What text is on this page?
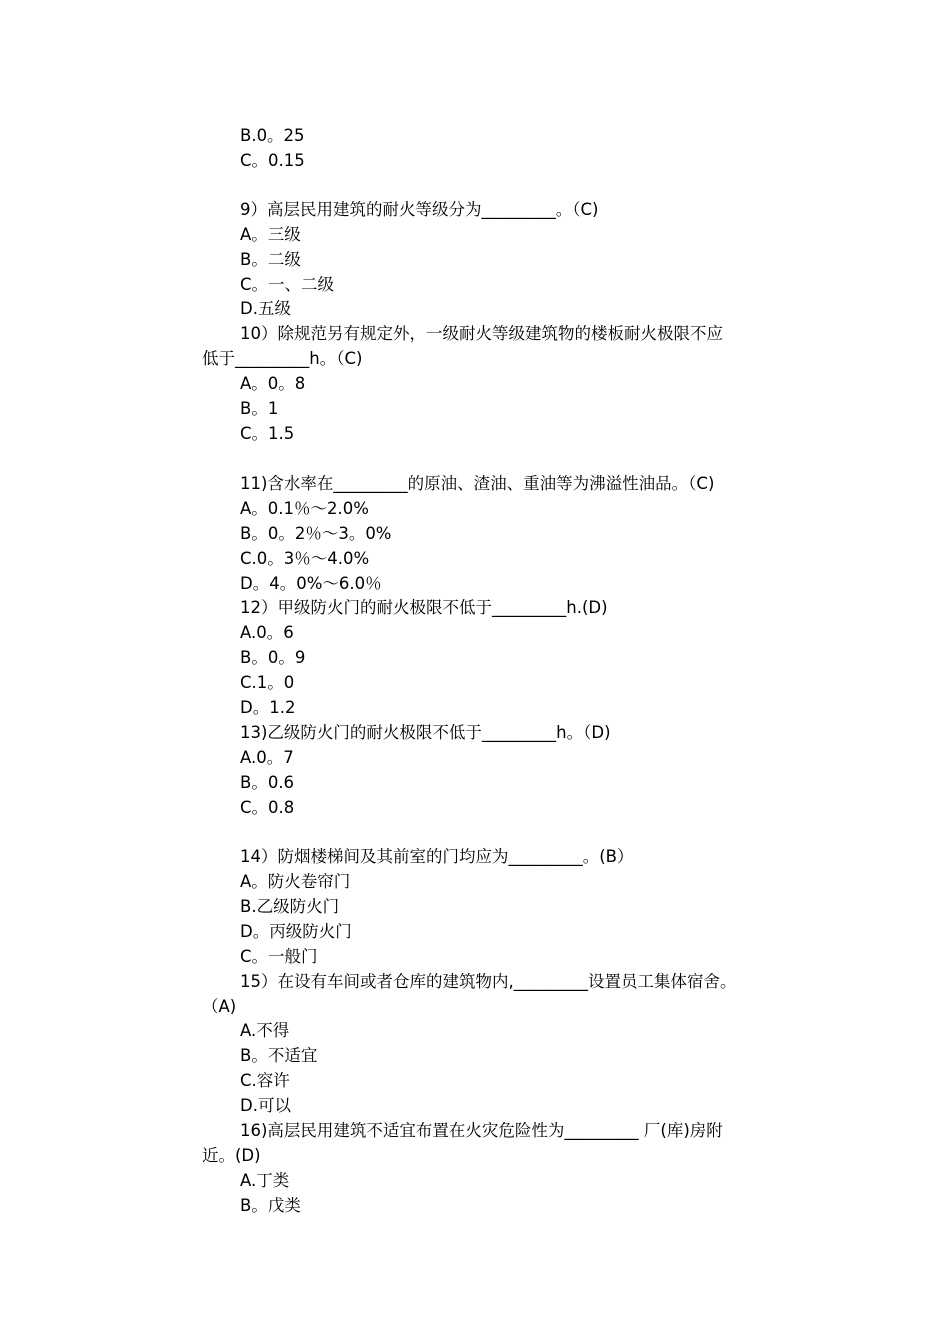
B.0。25
C。0.15
9）高层民用建筑的耐火等级分为_________。（C)
A。三级
B。二级
C。一、二级
D.五级
10）除规范另有规定外，一级耐火等级建筑物的楼板耐火极限不应
低于_________h。（C)
A。0。8
B。1
C。1.5
11)含水率在_________的原油、渣油、重油等为沸溢性油品。（C)
A。0.1％～2.0%
B。0。2％～3。0%
C.0。3％～4.0%
D。4。0%～6.0％
12）甲级防火门的耐火极限不低于_________h.(D)
A.0。6
B。0。9
C.1。0
D。1.2
13)乙级防火门的耐火极限不低于_________h。（D)
A.0。7
B。0.6
C。0.8
14）防烟楼梯间及其前室的门均应为_________。(B）
A。防火卷帘门
B.乙级防火门
D。丙级防火门
C。一般门
15）在设有车间或者仓库的建筑物内,_________设置员工集体宿舍。
（A)
A.不得
B。不适宜
C.容许
D.可以
16)高层民用建筑不适宜布置在火灾危险性为_________ 厂(库)房附
近。(D)
A.丁类
B。戊类
